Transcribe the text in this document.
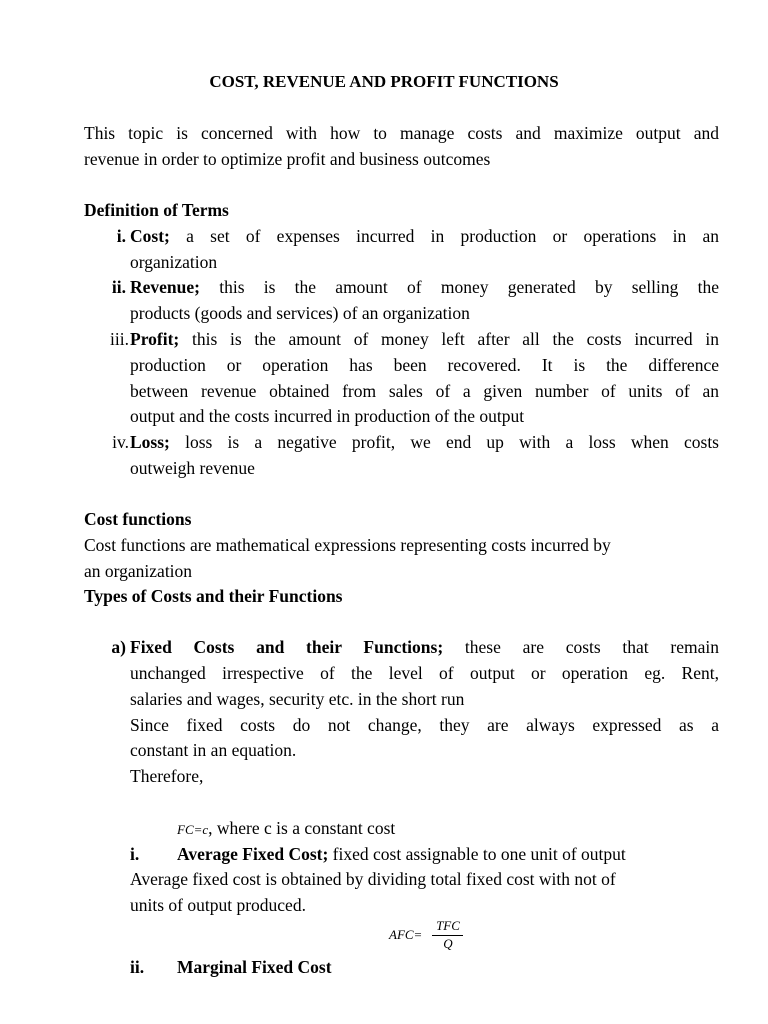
COST, REVENUE AND PROFIT FUNCTIONS

This topic is concerned with how to manage costs and maximize output and

revenue in order to optimize profit and business outcomes

Definition of Terms

i. Cost; a set of expenses incurred in production or operations in an

organization

ii. Revenue; this is the amount of money generated by selling the

products (goods and services) of an organization

iii. Profit; this is the amount of money left after all the costs incurred in

production or operation has been recovered. It is the difference

between revenue obtained from sales of a given number of units of an

output and the costs incurred in production of the output

iv. Loss; loss is a negative profit, we end up with a loss when costs

outweigh revenue

Cost functions

Cost functions are mathematical expressions representing costs incurred by

an organization

Types of Costs and their Functions

a) Fixed Costs and their Functions; these are costs that remain

unchanged irrespective of the level of output or operation eg. Rent,

salaries and wages, security etc. in the short run

Since fixed costs do not change, they are always expressed as a

constant in an equation.

Therefore,

FC=c, where c is a constant cost

i. Average Fixed Cost; fixed cost assignable to one unit of output

Average fixed cost is obtained by dividing total fixed cost with not of

units of output produced.

AFC=
TFC
Q

ii. Marginal Fixed Cost
